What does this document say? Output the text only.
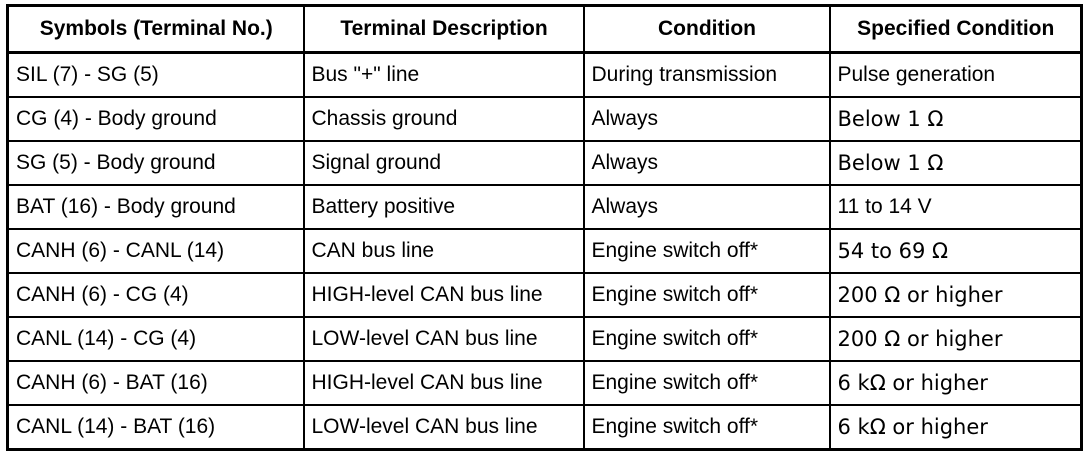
Symbols (Terminal No.)	Terminal Description	Condition	Specified Condition
SIL (7) - SG (5)	Bus "+" line	During transmission	Pulse generation
CG (4) - Body ground	Chassis ground	Always	Below 1 Ω
SG (5) - Body ground	Signal ground	Always	Below 1 Ω
BAT (16) - Body ground	Battery positive	Always	11 to 14 V
CANH (6) - CANL (14)	CAN bus line	Engine switch off*	54 to 69 Ω
CANH (6) - CG (4)	HIGH-level CAN bus line	Engine switch off*	200 Ω or higher
CANL (14) - CG (4)	LOW-level CAN bus line	Engine switch off*	200 Ω or higher
CANH (6) - BAT (16)	HIGH-level CAN bus line	Engine switch off*	6 kΩ or higher
CANL (14) - BAT (16)	LOW-level CAN bus line	Engine switch off*	6 kΩ or higher
